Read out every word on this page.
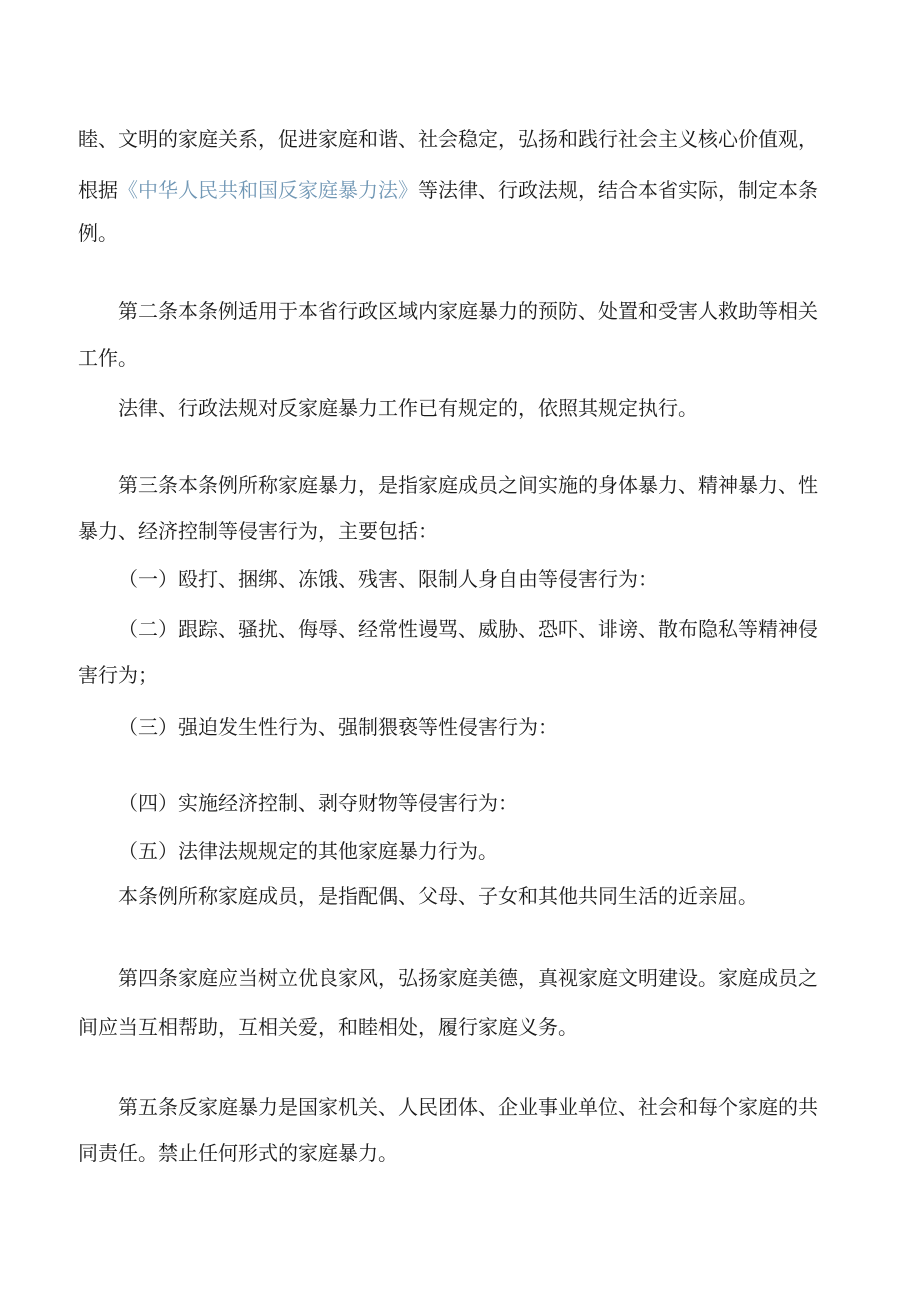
睦、文明的家庭关系，促进家庭和谐、社会稳定，弘扬和践行社会主义核心价值观，

根据《中华人民共和国反家庭暴力法》等法律、行政法规，结合本省实际，制定本条

例。

第二条本条例适用于本省行政区域内家庭暴力的预防、处置和受害人救助等相关

工作。

法律、行政法规对反家庭暴力工作已有规定的，依照其规定执行。

第三条本条例所称家庭暴力，是指家庭成员之间实施的身体暴力、精神暴力、性

暴力、经济控制等侵害行为，主要包括：

（一）殴打、捆绑、冻饿、残害、限制人身自由等侵害行为：

（二）跟踪、骚扰、侮辱、经常性谩骂、威胁、恐吓、诽谤、散布隐私等精神侵

害行为；

（三）强迫发生性行为、强制猥亵等性侵害行为：

（四）实施经济控制、剥夺财物等侵害行为：

（五）法律法规规定的其他家庭暴力行为。

本条例所称家庭成员，是指配偶、父母、子女和其他共同生活的近亲屈。

第四条家庭应当树立优良家风，弘扬家庭美德，真视家庭文明建设。家庭成员之

间应当互相帮助，互相关爱，和睦相处，履行家庭义务。

第五条反家庭暴力是国家机关、人民团体、企业事业单位、社会和每个家庭的共

同责任。禁止任何形式的家庭暴力。
